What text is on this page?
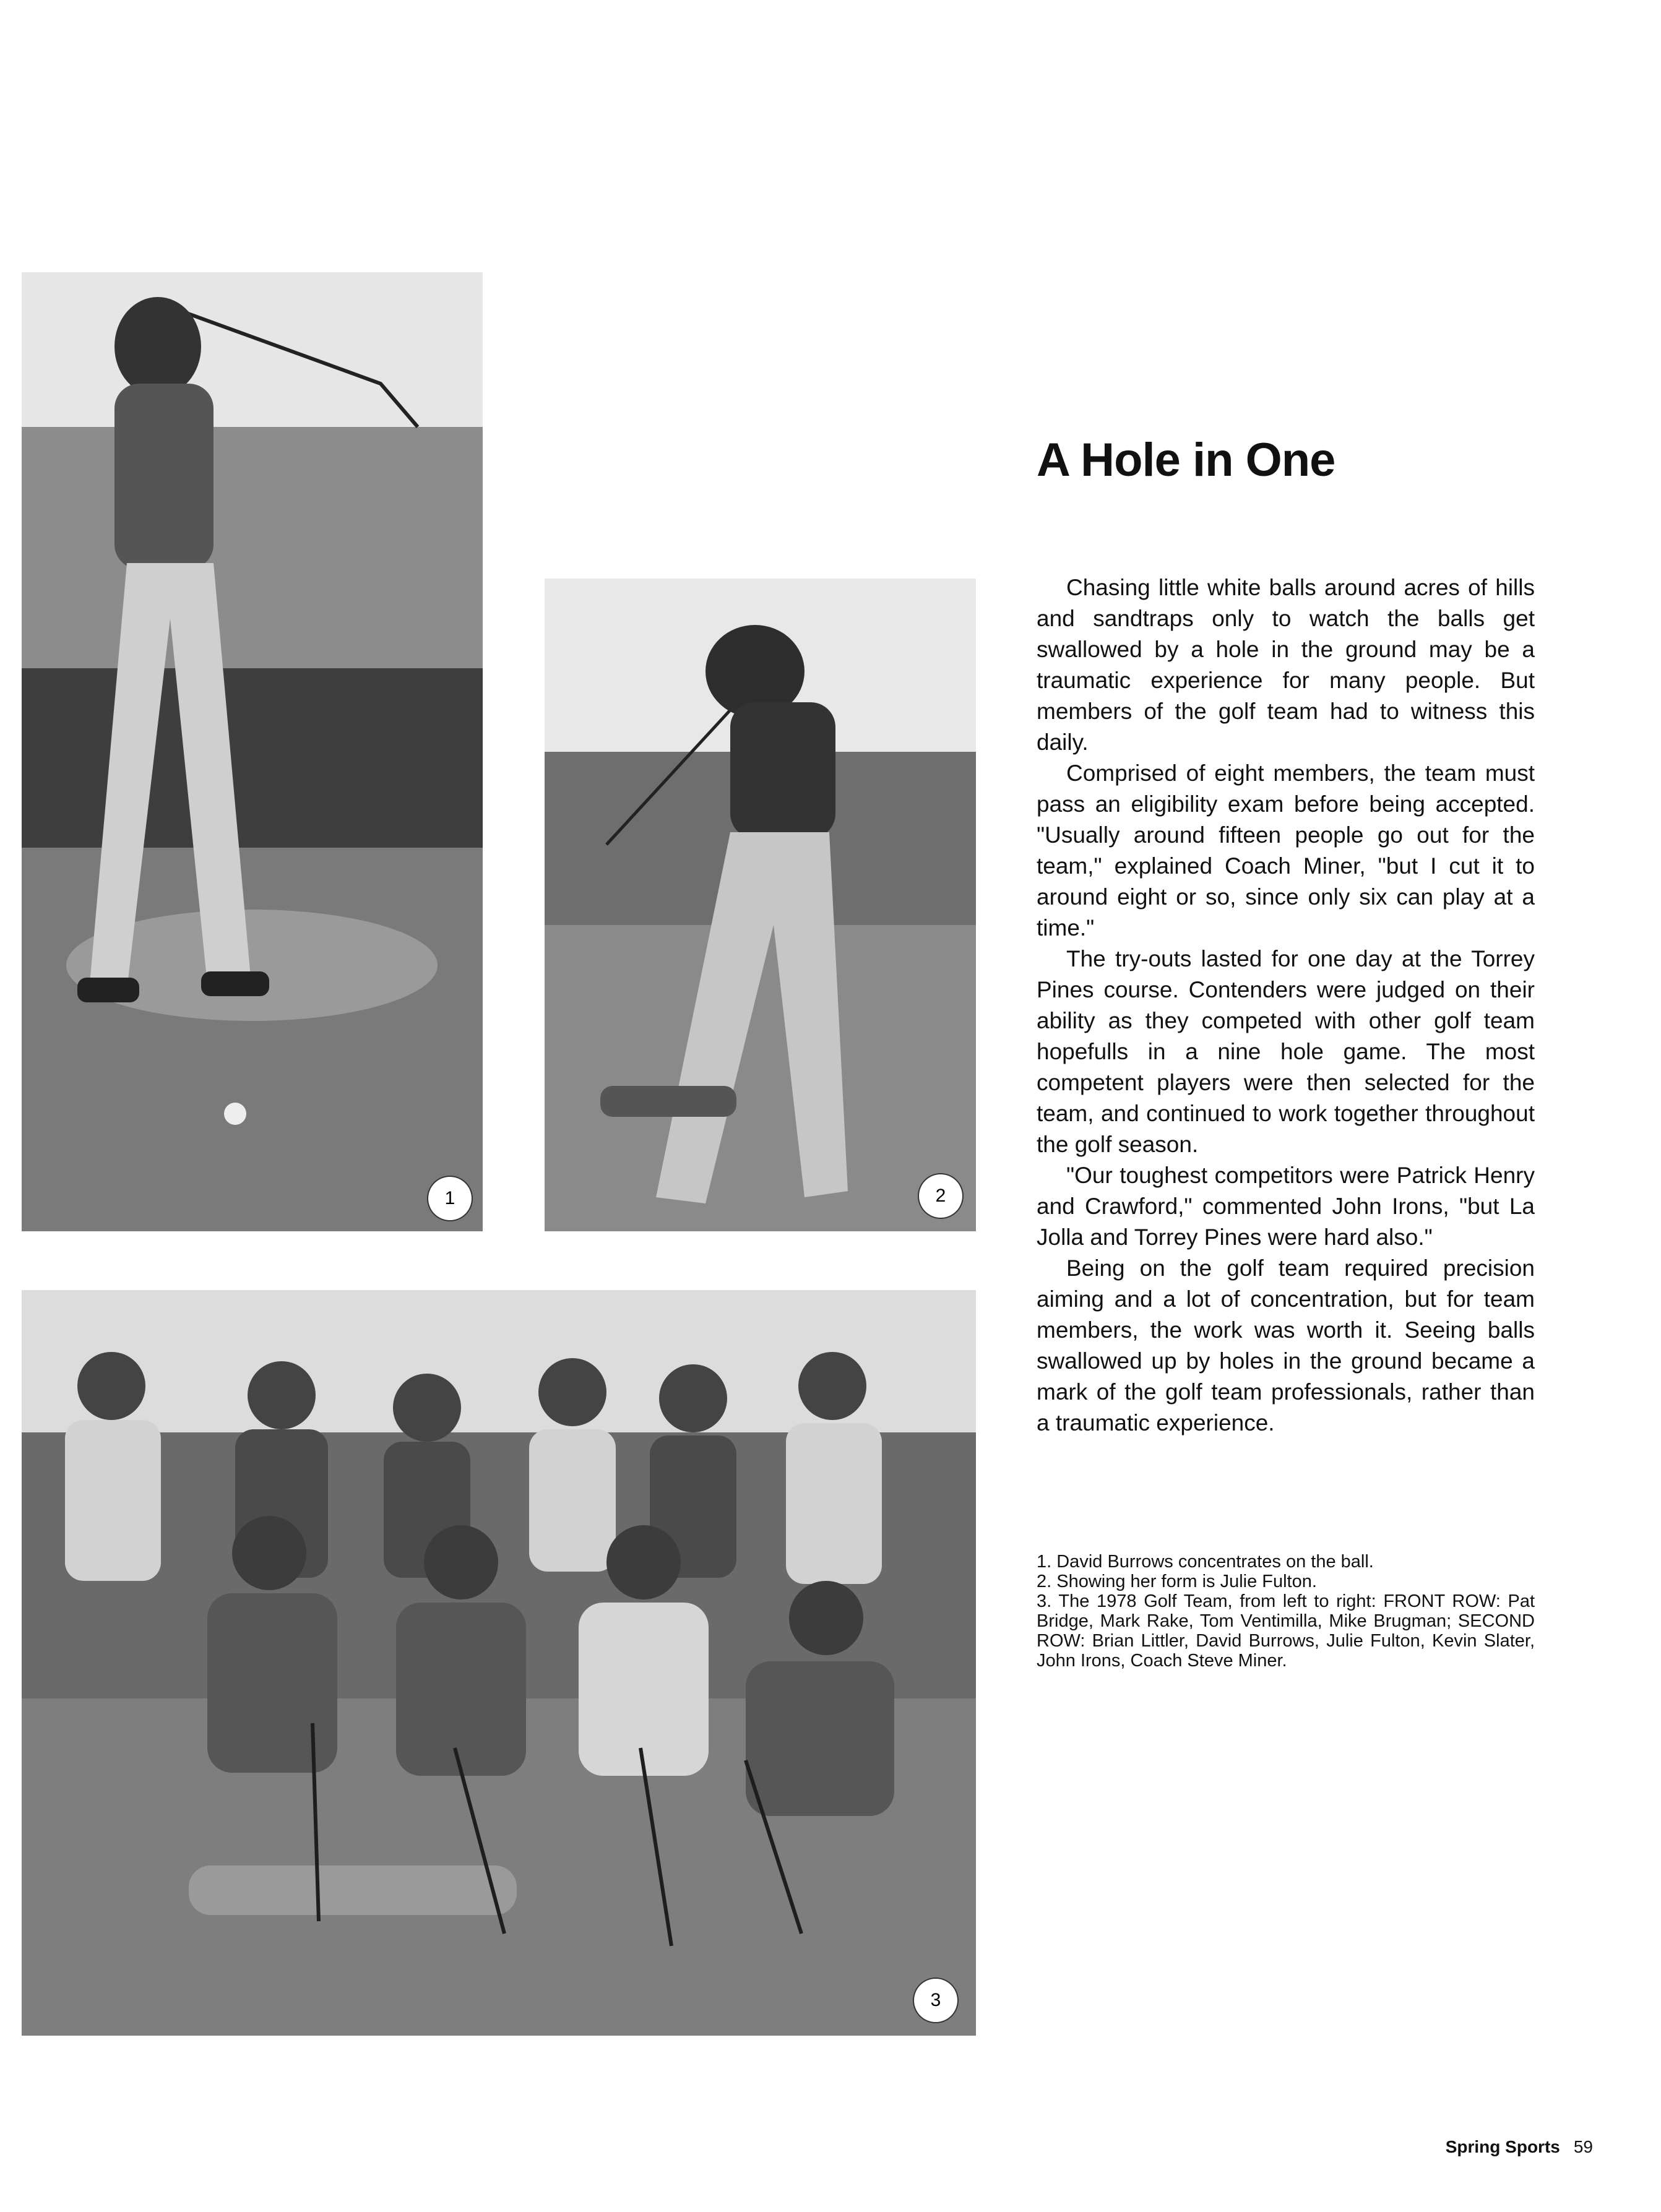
1	2
3
A Hole in One

Chasing little white balls around acres of hills and sandtraps only to watch the balls get swallowed by a hole in the ground may be a traumatic experience for many people. But members of the golf team had to witness this daily.

Comprised of eight members, the team must pass an eligibility exam before being accepted. "Usually around fifteen people go out for the team," explained Coach Miner, "but I cut it to around eight or so, since only six can play at a time."

The try-outs lasted for one day at the Torrey Pines course. Contenders were judged on their ability as they competed with other golf team hopefulls in a nine hole game. The most competent players were then selected for the team, and continued to work together throughout the golf season.

"Our toughest competitors were Patrick Henry and Crawford," commented John Irons, "but La Jolla and Torrey Pines were hard also."

Being on the golf team required precision aiming and a lot of concentration, but for team members, the work was worth it. Seeing balls swallowed up by holes in the ground became a mark of the golf team professionals, rather than a traumatic experience.

1. David Burrows concentrates on the ball.

2. Showing her form is Julie Fulton.

3. The 1978 Golf Team, from left to right: FRONT ROW: Pat Bridge, Mark Rake, Tom Ventimilla, Mike Brugman; SECOND ROW: Brian Littler, David Burrows, Julie Fulton, Kevin Slater, John Irons, Coach Steve Miner.

Spring Sports 59
